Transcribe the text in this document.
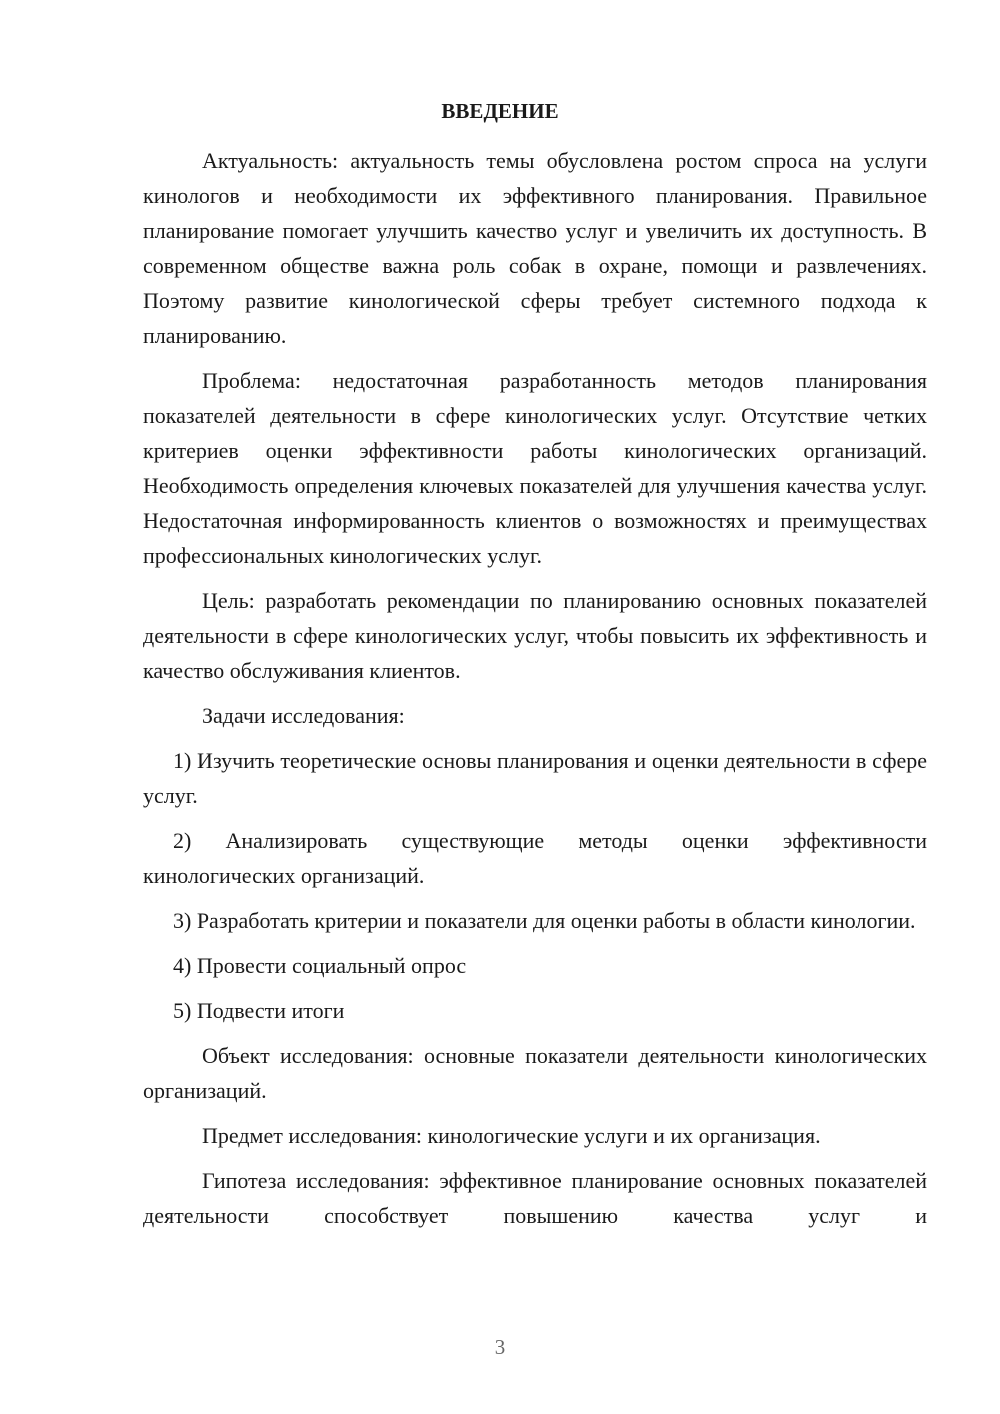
ВВЕДЕНИЕ

Актуальность: актуальность темы обусловлена ростом спроса на услуги кинологов и необходимости их эффективного планирования. Правильное планирование помогает улучшить качество услуг и увеличить их доступность. В современном обществе важна роль собак в охране, помощи и развлечениях. Поэтому развитие кинологической сферы требует системного подхода к планированию.

Проблема: недостаточная разработанность методов планирования показателей деятельности в сфере кинологических услуг. Отсутствие четких критериев оценки эффективности работы кинологических организаций. Необходимость определения ключевых показателей для улучшения качества услуг. Недостаточная информированность клиентов о возможностях и преимуществах профессиональных кинологических услуг.

Цель: разработать рекомендации по планированию основных показателей деятельности в сфере кинологических услуг, чтобы повысить их эффективность и качество обслуживания клиентов.

Задачи исследования:

1) Изучить теоретические основы планирования и оценки деятельности в сфере услуг.

2) Анализировать существующие методы оценки эффективности кинологических организаций.

3) Разработать критерии и показатели для оценки работы в области кинологии.

4) Провести социальный опрос

5) Подвести итоги

Объект исследования: основные показатели деятельности кинологических организаций.

Предмет исследования: кинологические услуги и их организация.

Гипотеза исследования: эффективное планирование основных показателей деятельности способствует повышению качества услуг и

3
